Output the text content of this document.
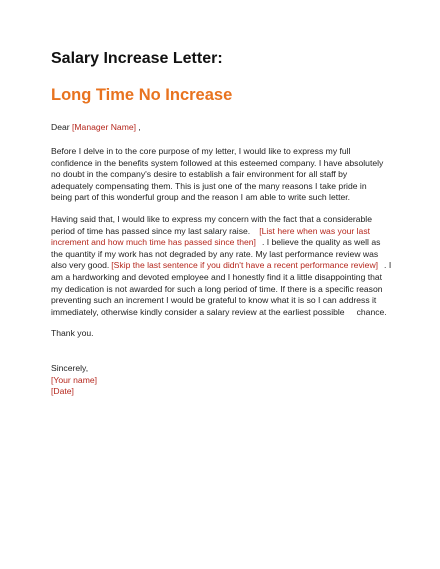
Salary Increase Letter:
Long Time No Increase

Dear [Manager Name] ,

Before I delve in to the core purpose of my letter, I would like to express my full
confidence in the benefits system followed at this esteemed company. I have absolutely
no doubt in the company's desire to establish a fair environment for all staff by
adequately compensating them. This is just one of the many reasons I take pride in
being part of this wonderful group and the reason I am able to write such letter.
Having said that, I would like to express my concern with the fact that a considerable
period of time has passed since my last salary raise. [List here when was your last
increment and how much time has passed since then] . I believe the quality as well as
the quantity if my work has not degraded by any rate. My last performance review was
also very good. [Skip the last sentence if you didn't have a recent performance review] . I
am a hardworking and devoted employee and I honestly find it a little disappointing that
my dedication is not awarded for such a long period of time. If there is a specific reason
preventing such an increment I would be grateful to know what it is so I can address it
immediately, otherwise kindly consider a salary review at the earliest possible chance.

Thank you.

Sincerely,

[Your name]

[Date]
